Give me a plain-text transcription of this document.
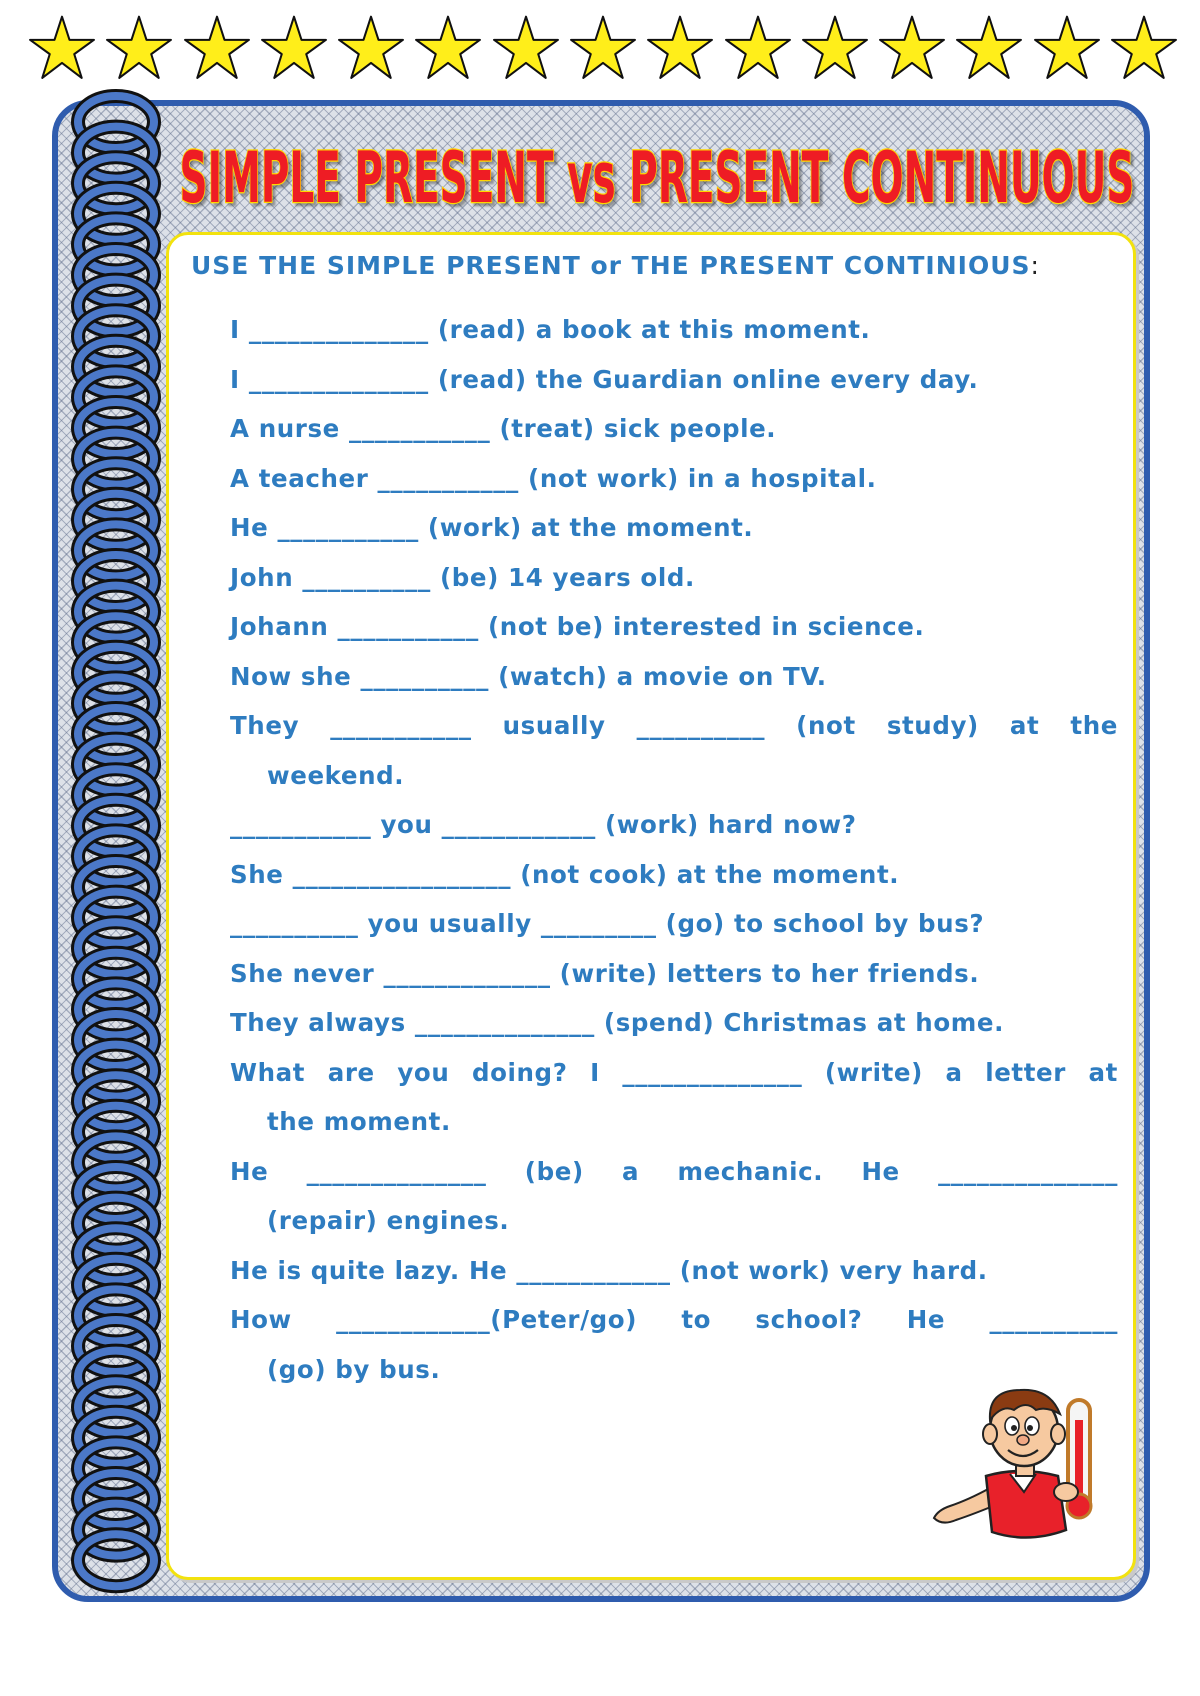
SIMPLE PRESENT vs PRESENT CONTINUOUS
USE THE SIMPLE PRESENT or THE PRESENT CONTINIOUS:
I ______________ (read) a book at this moment.
I ______________ (read) the Guardian online every day.
A nurse ___________ (treat) sick people.
A teacher ___________ (not work) in a hospital.
He ___________ (work) at the moment.
John __________ (be) 14 years old.
Johann ___________ (not be) interested in science.
Now she __________ (watch) a movie on TV.
They ___________ usually __________ (not study) at the
weekend.
___________ you ____________ (work) hard now?
She _________________ (not cook) at the moment.
__________ you usually _________ (go) to school by bus?
She never _____________ (write) letters to her friends.
They always ______________ (spend) Christmas at home.
What are you doing? I ______________ (write) a letter at
the moment.
He ______________ (be) a mechanic. He ______________
(repair) engines.
He is quite lazy. He ____________ (not work) very hard.
How ____________(Peter/go) to school? He __________
(go) by bus.
